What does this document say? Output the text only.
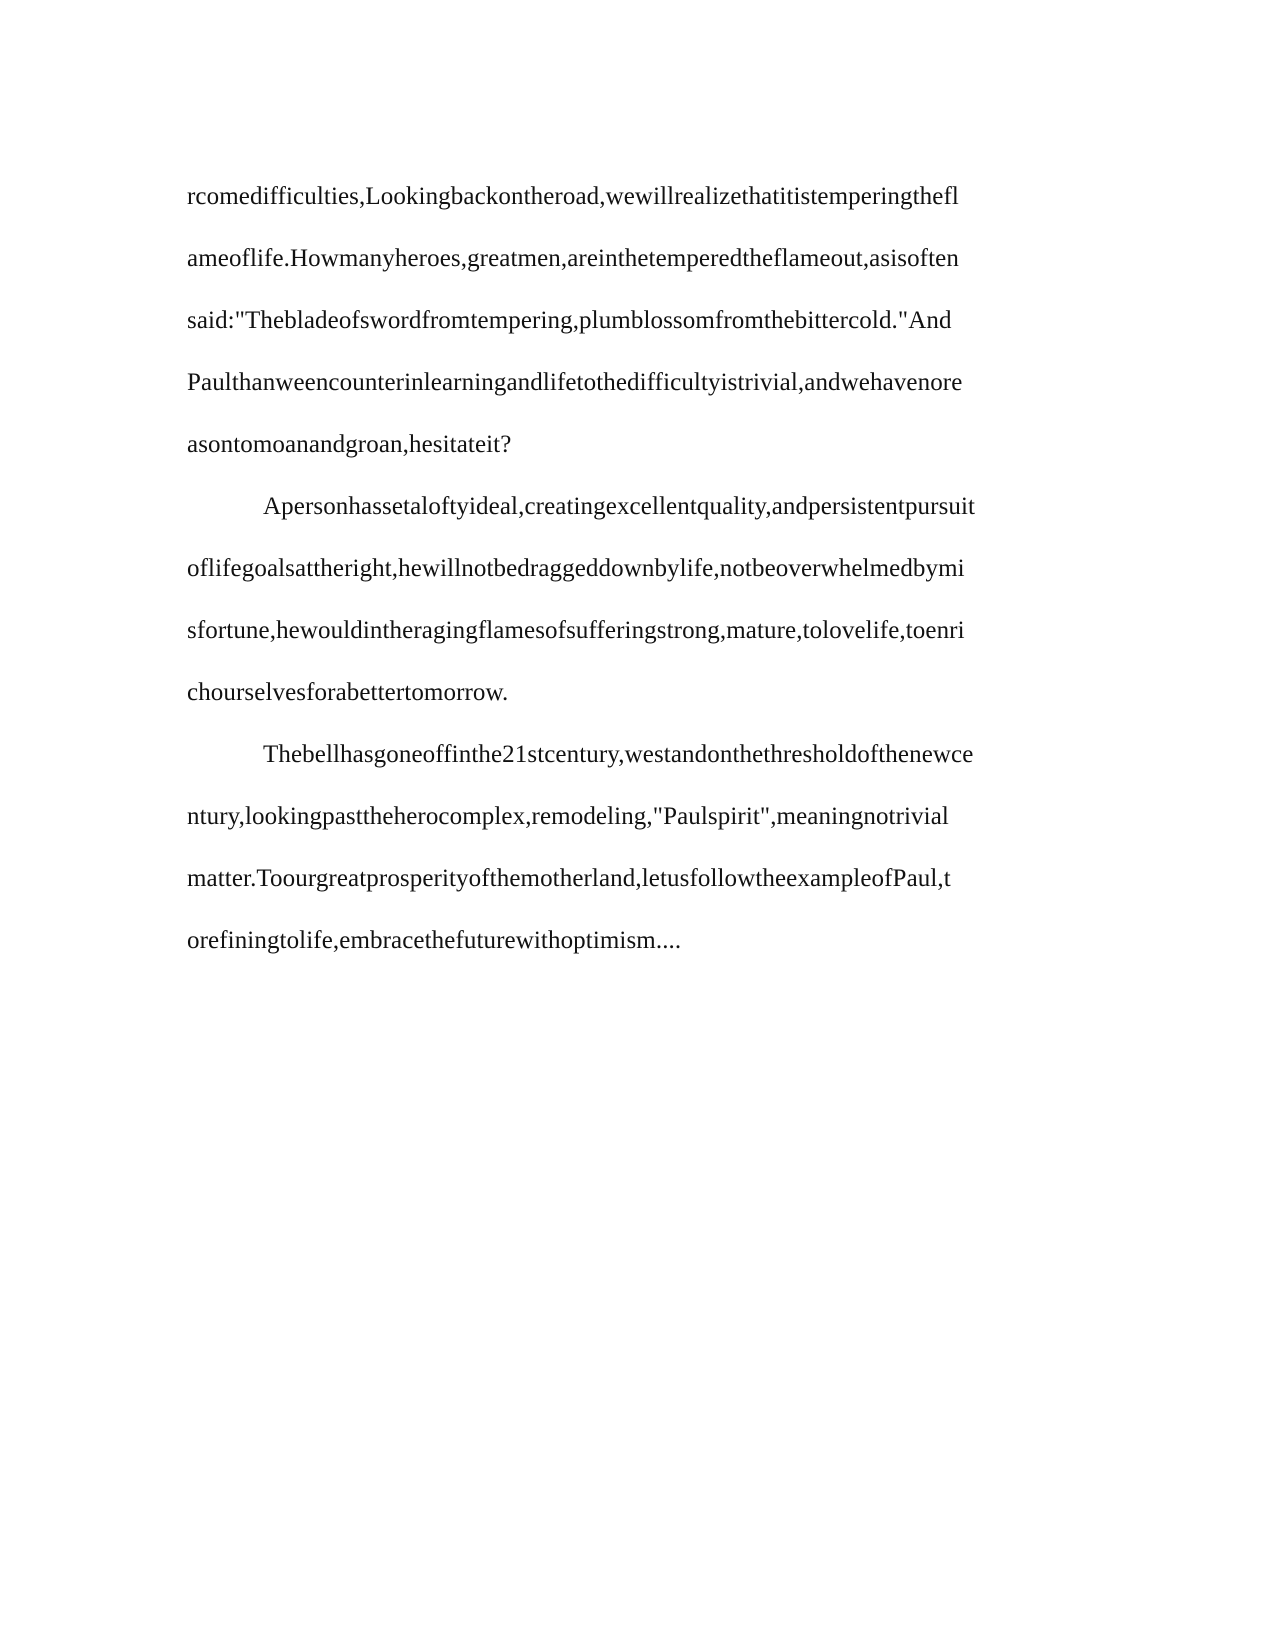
rcomedifficulties,Lookingbackontheroad,wewillrealizethatitistemperingthefl
ameoflife.Howmanyheroes,greatmen,areinthetemperedtheflameout,asisoften
said:"Thebladeofswordfromtempering,plumblossomfromthebittercold."And
Paulthanweencounterinlearningandlifetothedifficultyistrivial,andwehavenore
asontomoanandgroan,hesitateit?
Apersonhassetaloftyideal,creatingexcellentquality,andpersistentpursuit
oflifegoalsattheright,hewillnotbedraggeddownbylife,notbeoverwhelmedbymi
sfortune,hewouldintheragingflamesofsufferingstrong,mature,tolovelife,toenri
chourselvesforabettertomorrow.
Thebellhasgoneoffinthe21stcentury,westandonthethresholdofthenewce
ntury,lookingpasttheherocomplex,remodeling,"Paulspirit",meaningnotrivial
matter.Toourgreatprosperityofthemotherland,letusfollowtheexampleofPaul,t
orefiningtolife,embracethefuturewithoptimism....
